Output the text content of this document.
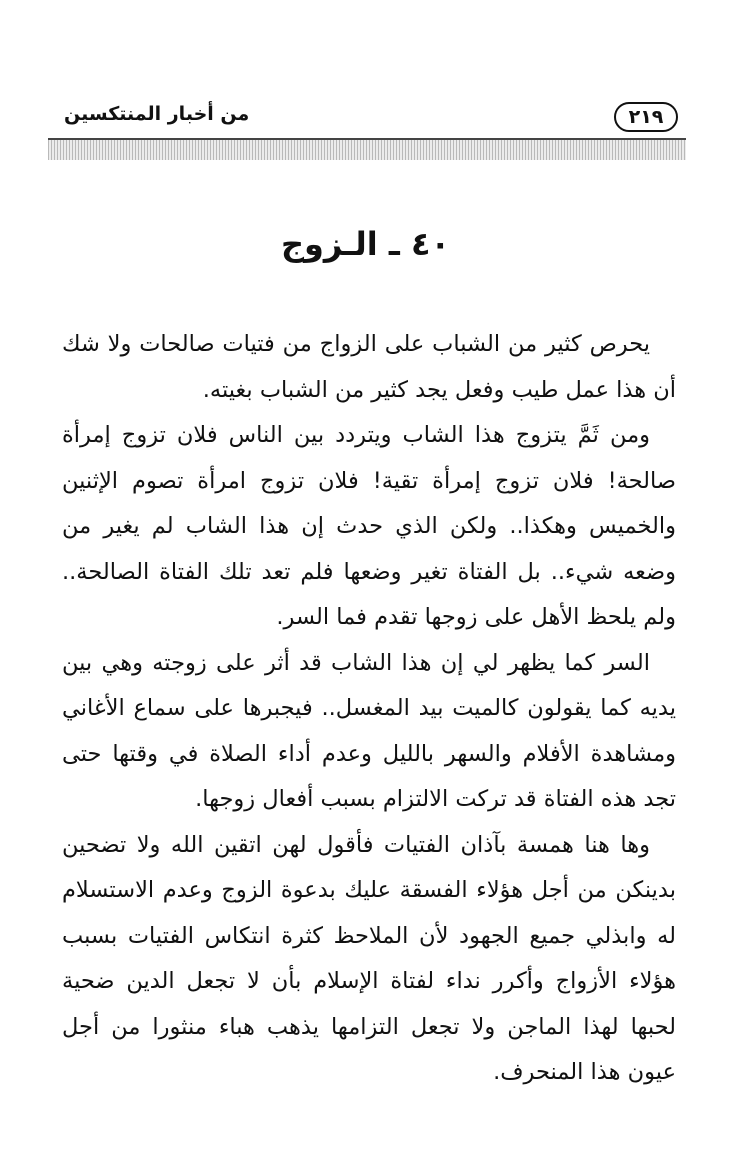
٢١٩
من أخبار المنتكسين
٤٠ ـ الـزوج

يحرص كثير من الشباب على الزواج من فتيات صالحات ولا شك أن هذا عمل طيب وفعل يجد كثير من الشباب بغيته.

ومن ثَمَّ يتزوج هذا الشاب ويتردد بين الناس فلان تزوج إمرأة صالحة! فلان تزوج إمرأة تقية! فلان تزوج امرأة تصوم الإثنين والخميس وهكذا.. ولكن الذي حدث إن هذا الشاب لم يغير من وضعه شيء.. بل الفتاة تغير وضعها فلم تعد تلك الفتاة الصالحة.. ولم يلحظ الأهل على زوجها تقدم فما السر.

السر كما يظهر لي إن هذا الشاب قد أثر على زوجته وهي بين يديه كما يقولون كالميت بيد المغسل.. فيجبرها على سماع الأغاني ومشاهدة الأفلام والسهر بالليل وعدم أداء الصلاة في وقتها حتى تجد هذه الفتاة قد تركت الالتزام بسبب أفعال زوجها.

وها هنا همسة بآذان الفتيات فأقول لهن اتقين الله ولا تضحين بدينكن من أجل هؤلاء الفسقة عليك بدعوة الزوج وعدم الاستسلام له وابذلي جميع الجهود لأن الملاحظ كثرة انتكاس الفتيات بسبب هؤلاء الأزواج وأكرر نداء لفتاة الإسلام بأن لا تجعل الدين ضحية لحبها لهذا الماجن ولا تجعل التزامها يذهب هباء منثورا من أجل عيون هذا المنحرف.
